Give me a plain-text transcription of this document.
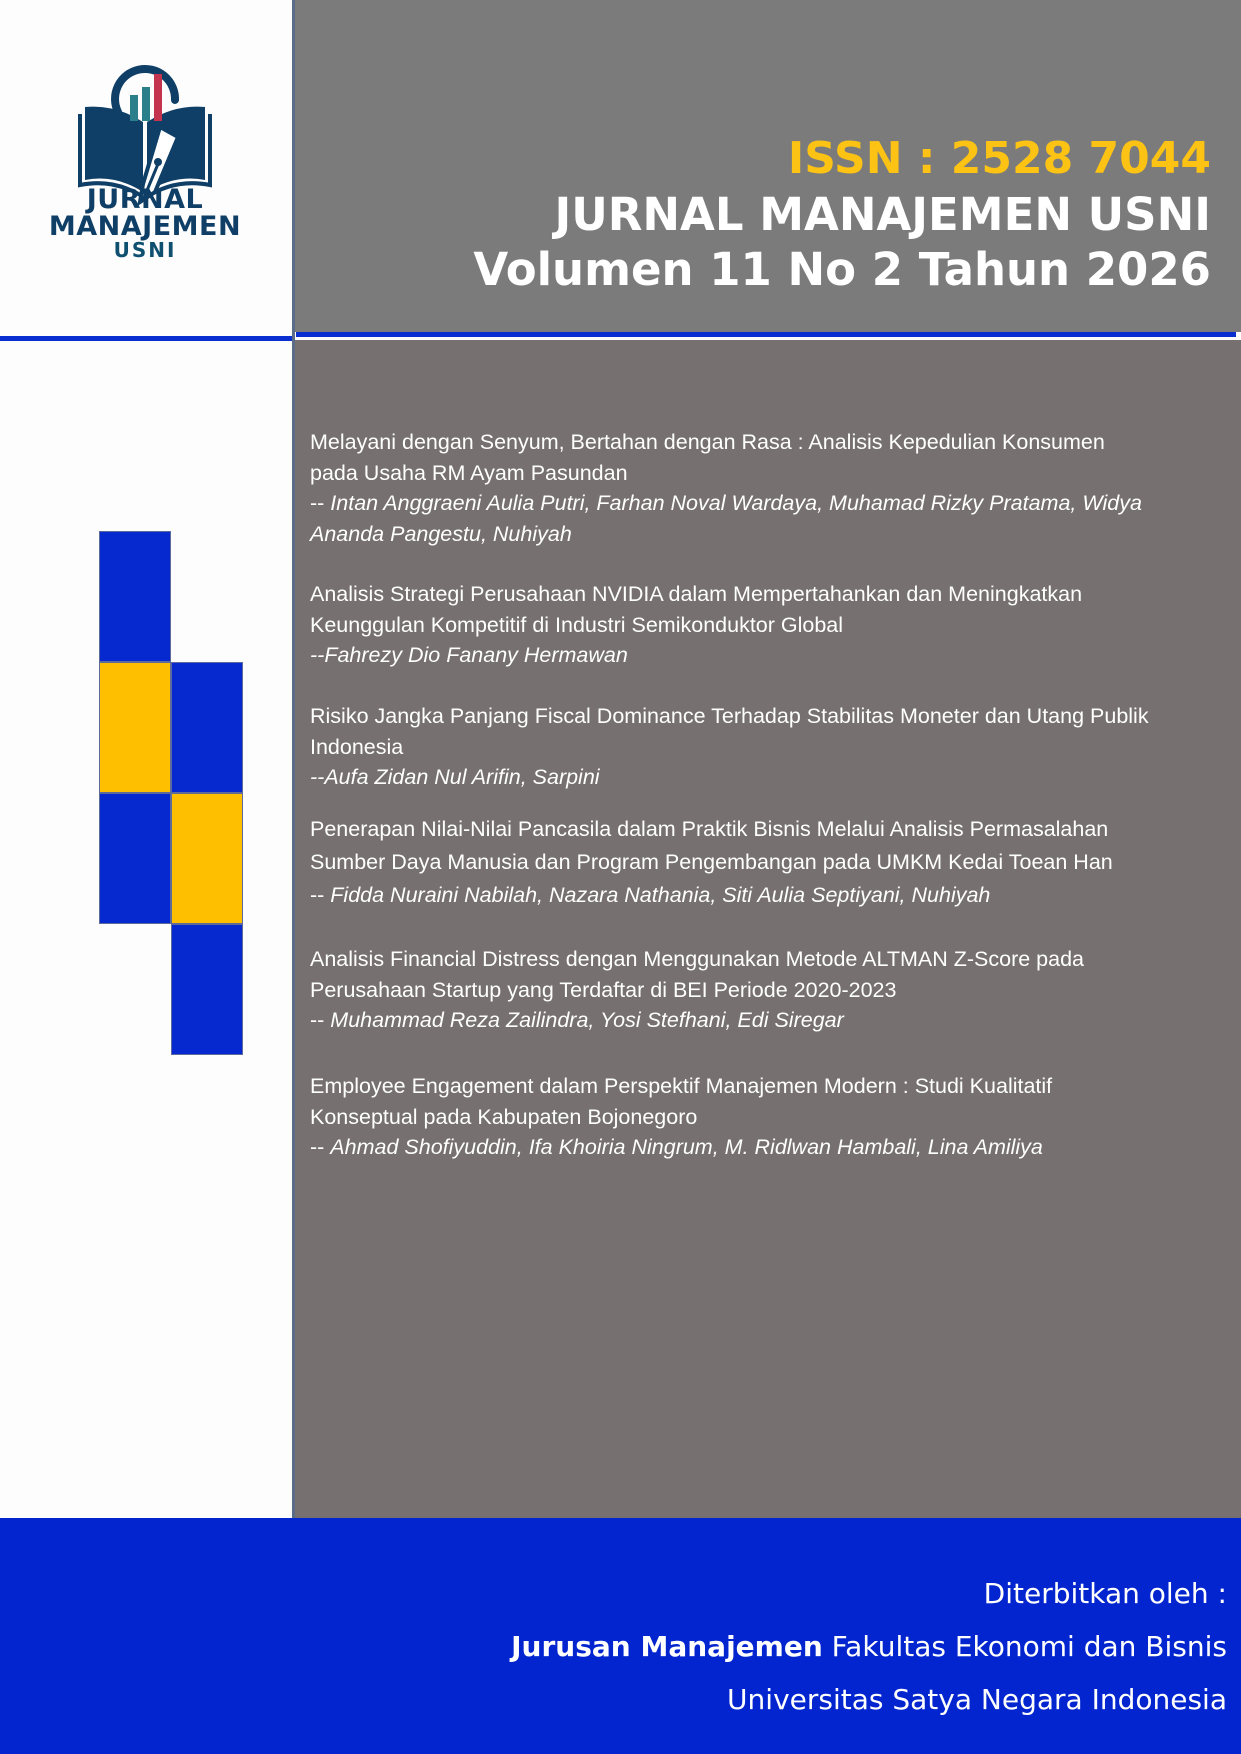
JURNAL
MANAJEMEN
USNI
ISSN : 2528 7044
JURNAL MANAJEMEN USNI
Volumen 11 No 2 Tahun 2026
Melayani dengan Senyum, Bertahan dengan Rasa : Analisis Kepedulian Konsumen
pada Usaha RM Ayam Pasundan
-- Intan Anggraeni Aulia Putri, Farhan Noval Wardaya, Muhamad Rizky Pratama, Widya
Ananda Pangestu, Nuhiyah
Analisis Strategi Perusahaan NVIDIA dalam Mempertahankan dan Meningkatkan
Keunggulan Kompetitif di Industri Semikonduktor Global
--Fahrezy Dio Fanany Hermawan
Risiko Jangka Panjang Fiscal Dominance Terhadap Stabilitas Moneter dan Utang Publik
Indonesia
--Aufa Zidan Nul Arifin, Sarpini
Penerapan Nilai-Nilai Pancasila dalam Praktik Bisnis Melalui Analisis Permasalahan
Sumber Daya Manusia dan Program Pengembangan pada UMKM Kedai Toean Han
-- Fidda Nuraini Nabilah, Nazara Nathania, Siti Aulia Septiyani, Nuhiyah
Analisis Financial Distress dengan Menggunakan Metode ALTMAN Z-Score pada
Perusahaan Startup yang Terdaftar di BEI Periode 2020-2023
-- Muhammad Reza Zailindra, Yosi Stefhani, Edi Siregar
Employee Engagement dalam Perspektif Manajemen Modern : Studi Kualitatif
Konseptual pada Kabupaten Bojonegoro
-- Ahmad Shofiyuddin, Ifa Khoiria Ningrum, M. Ridlwan Hambali, Lina Amiliya
Diterbitkan oleh :
Jurusan Manajemen Fakultas Ekonomi dan Bisnis
Universitas Satya Negara Indonesia
